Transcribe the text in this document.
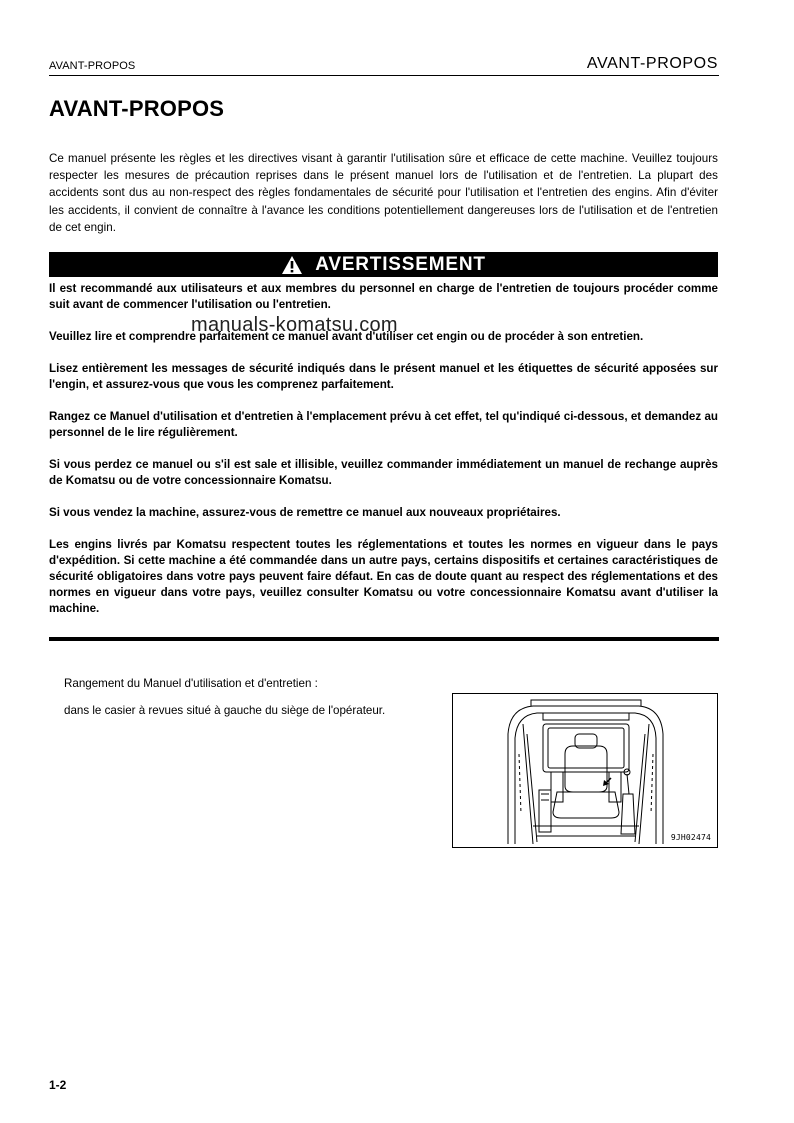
AVANT-PROPOS	AVANT-PROPOS
AVANT-PROPOS
Ce manuel présente les règles et les directives visant à garantir l'utilisation sûre et efficace de cette machine. Veuillez toujours respecter les mesures de précaution reprises dans le présent manuel lors de l'utilisation et de l'entretien. La plupart des accidents sont dus au non-respect des règles fondamentales de sécurité pour l'utilisation et l'entretien des engins. Afin d'éviter les accidents, il convient de connaître à l'avance les conditions potentiellement dangereuses lors de l'utilisation et de l'entretien de cet engin.
AVERTISSEMENT

Il est recommandé aux utilisateurs et aux membres du personnel en charge de l'entretien de toujours procéder comme suit avant de commencer l'utilisation ou l'entretien.

Veuillez lire et comprendre parfaitement ce manuel avant d'utiliser cet engin ou de procéder à son entretien.

Lisez entièrement les messages de sécurité indiqués dans le présent manuel et les étiquettes de sécurité apposées sur l'engin, et assurez-vous que vous les comprenez parfaitement.

Rangez ce Manuel d'utilisation et d'entretien à l'emplacement prévu à cet effet, tel qu'indiqué ci-dessous, et demandez au personnel de le lire régulièrement.

Si vous perdez ce manuel ou s'il est sale et illisible, veuillez commander immédiatement un manuel de rechange auprès de Komatsu ou de votre concessionnaire Komatsu.

Si vous vendez la machine, assurez-vous de remettre ce manuel aux nouveaux propriétaires.

Les engins livrés par Komatsu respectent toutes les réglementations et toutes les normes en vigueur dans le pays d'expédition. Si cette machine a été commandée dans un autre pays, certains dispositifs et certaines caractéristiques de sécurité obligatoires dans votre pays peuvent faire défaut. En cas de doute quant au respect des réglementations et des normes en vigueur dans votre pays, veuillez consulter Komatsu ou votre concessionnaire Komatsu avant d'utiliser la machine.

manuals-komatsu.com
Rangement du Manuel d'utilisation et d'entretien :
dans le casier à revues situé à gauche du siège de l'opérateur.
9JH02474
1-2
